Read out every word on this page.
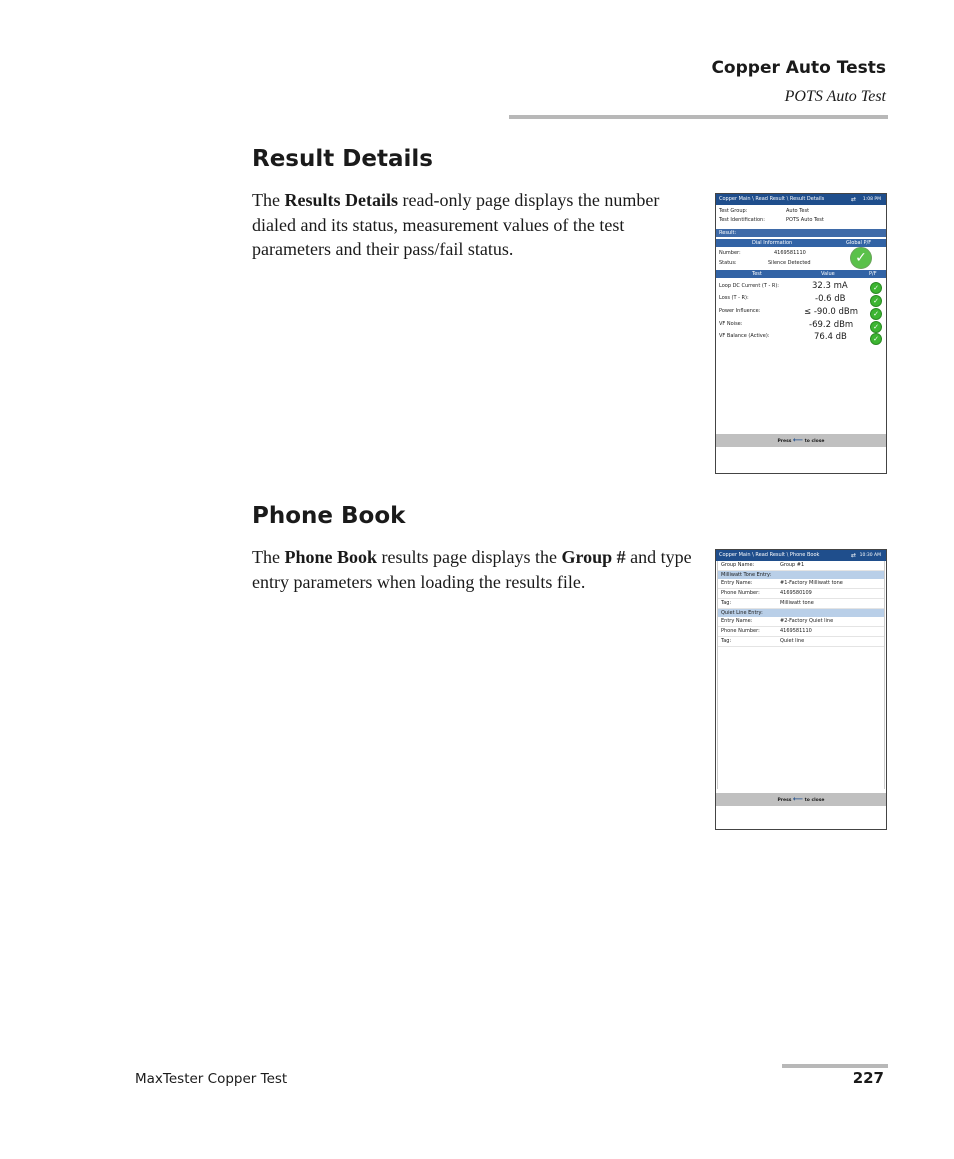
Copper Auto Tests
POTS Auto Test
Result Details

The Results Details read-only page displays the number dialed and its status, measurement values of the test parameters and their pass/fail status.

Copper Main \ Read Result \ Result Details	⇄ 1:08 PM
Test Group:	Auto Test
Test Identification:	POTS Auto Test
Result:
Dial Information	Global P/F
Number:	4169581110
Status:	Silence Detected	✓
Test	Value	P/F
Loop DC Current (T - R):	32.3 mA	✓
Loss (T - R):	-0.6 dB	✓
Power Influence:	≤ -90.0 dBm	✓
VF Noise:	-69.2 dBm	✓
VF Balance (Active):	76.4 dB	✓
Press ⟵ to close
Phone Book

The Phone Book results page displays the Group # and type entry parameters when loading the results file.

Copper Main \ Read Result \ Phone Book	⇄ 10:30 AM
Group Name:	Group #1
Milliwatt Tone Entry:
Entry Name:	#1-Factory Milliwatt tone
Phone Number:	4169580109
Tag:	Milliwatt tone
Quiet Line Entry:
Entry Name:	#2-Factory Quiet line
Phone Number:	4169581110
Tag:	Quiet line
Press ⟵ to close
MaxTester Copper Test	227
